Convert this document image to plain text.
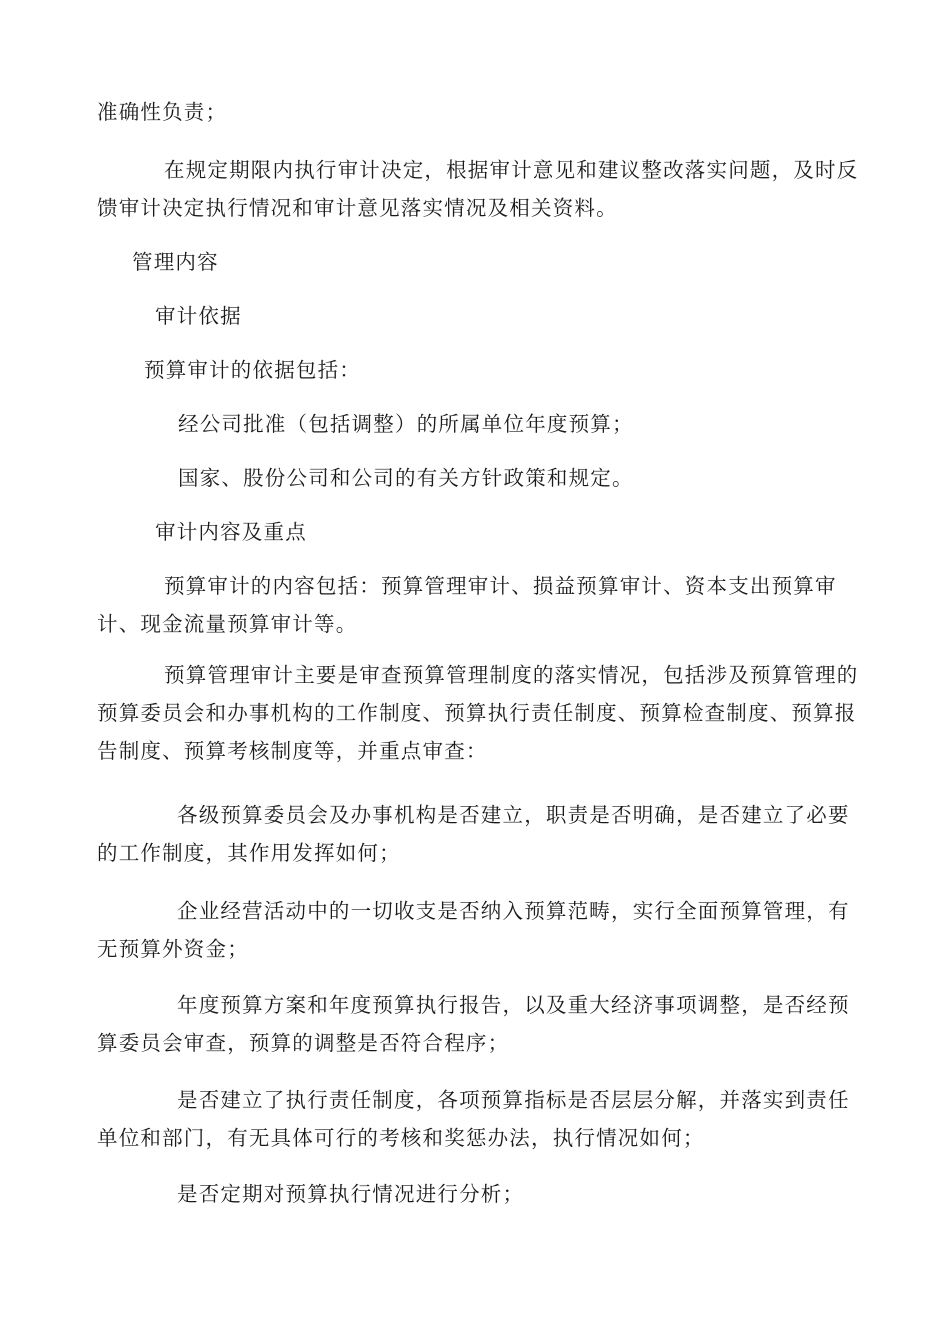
准确性负责；

在规定期限内执行审计决定，根据审计意见和建议整改落实问题，及时反馈审计决定执行情况和审计意见落实情况及相关资料。

管理内容

审计依据

预算审计的依据包括：

经公司批准（包括调整）的所属单位年度预算；

国家、股份公司和公司的有关方针政策和规定。

审计内容及重点

预算审计的内容包括：预算管理审计、损益预算审计、资本支出预算审计、现金流量预算审计等。

预算管理审计主要是审查预算管理制度的落实情况，包括涉及预算管理的预算委员会和办事机构的工作制度、预算执行责任制度、预算检查制度、预算报告制度、预算考核制度等，并重点审查：

各级预算委员会及办事机构是否建立，职责是否明确，是否建立了必要的工作制度，其作用发挥如何；

企业经营活动中的一切收支是否纳入预算范畴，实行全面预算管理，有无预算外资金；

年度预算方案和年度预算执行报告，以及重大经济事项调整，是否经预算委员会审查，预算的调整是否符合程序；

是否建立了执行责任制度，各项预算指标是否层层分解，并落实到责任单位和部门，有无具体可行的考核和奖惩办法，执行情况如何；

是否定期对预算执行情况进行分析；
